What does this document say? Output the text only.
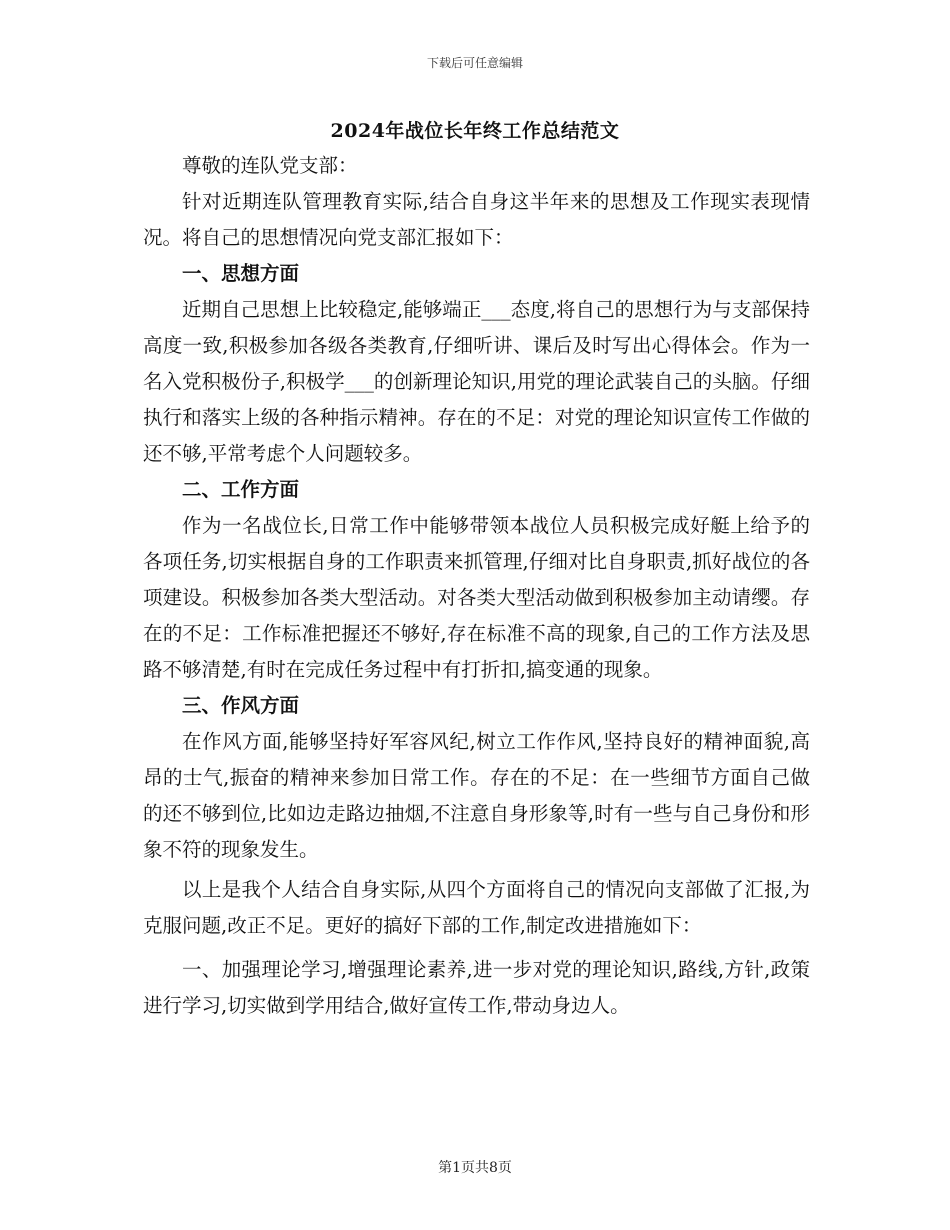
下载后可任意编辑
2024年战位长年终工作总结范文

尊敬的连队党支部：

针对近期连队管理教育实际,结合自身这半年来的思想及工作现实表现情况。将自己的思想情况向党支部汇报如下：

一、思想方面

近期自己思想上比较稳定,能够端正___态度,将自己的思想行为与支部保持高度一致,积极参加各级各类教育,仔细听讲、课后及时写出心得体会。作为一名入党积极份子,积极学___的创新理论知识,用党的理论武装自己的头脑。仔细执行和落实上级的各种指示精神。存在的不足：对党的理论知识宣传工作做的还不够,平常考虑个人问题较多。

二、工作方面

作为一名战位长,日常工作中能够带领本战位人员积极完成好艇上给予的各项任务,切实根据自身的工作职责来抓管理,仔细对比自身职责,抓好战位的各项建设。积极参加各类大型活动。对各类大型活动做到积极参加主动请缨。存在的不足：工作标准把握还不够好,存在标准不高的现象,自己的工作方法及思路不够清楚,有时在完成任务过程中有打折扣,搞变通的现象。

三、作风方面

在作风方面,能够坚持好军容风纪,树立工作作风,坚持良好的精神面貌,高昂的士气,振奋的精神来参加日常工作。存在的不足：在一些细节方面自己做的还不够到位,比如边走路边抽烟,不注意自身形象等,时有一些与自己身份和形象不符的现象发生。

以上是我个人结合自身实际,从四个方面将自己的情况向支部做了汇报,为克服问题,改正不足。更好的搞好下部的工作,制定改进措施如下：

一、加强理论学习,增强理论素养,进一步对党的理论知识,路线,方针,政策进行学习,切实做到学用结合,做好宣传工作,带动身边人。

第1页共8页
